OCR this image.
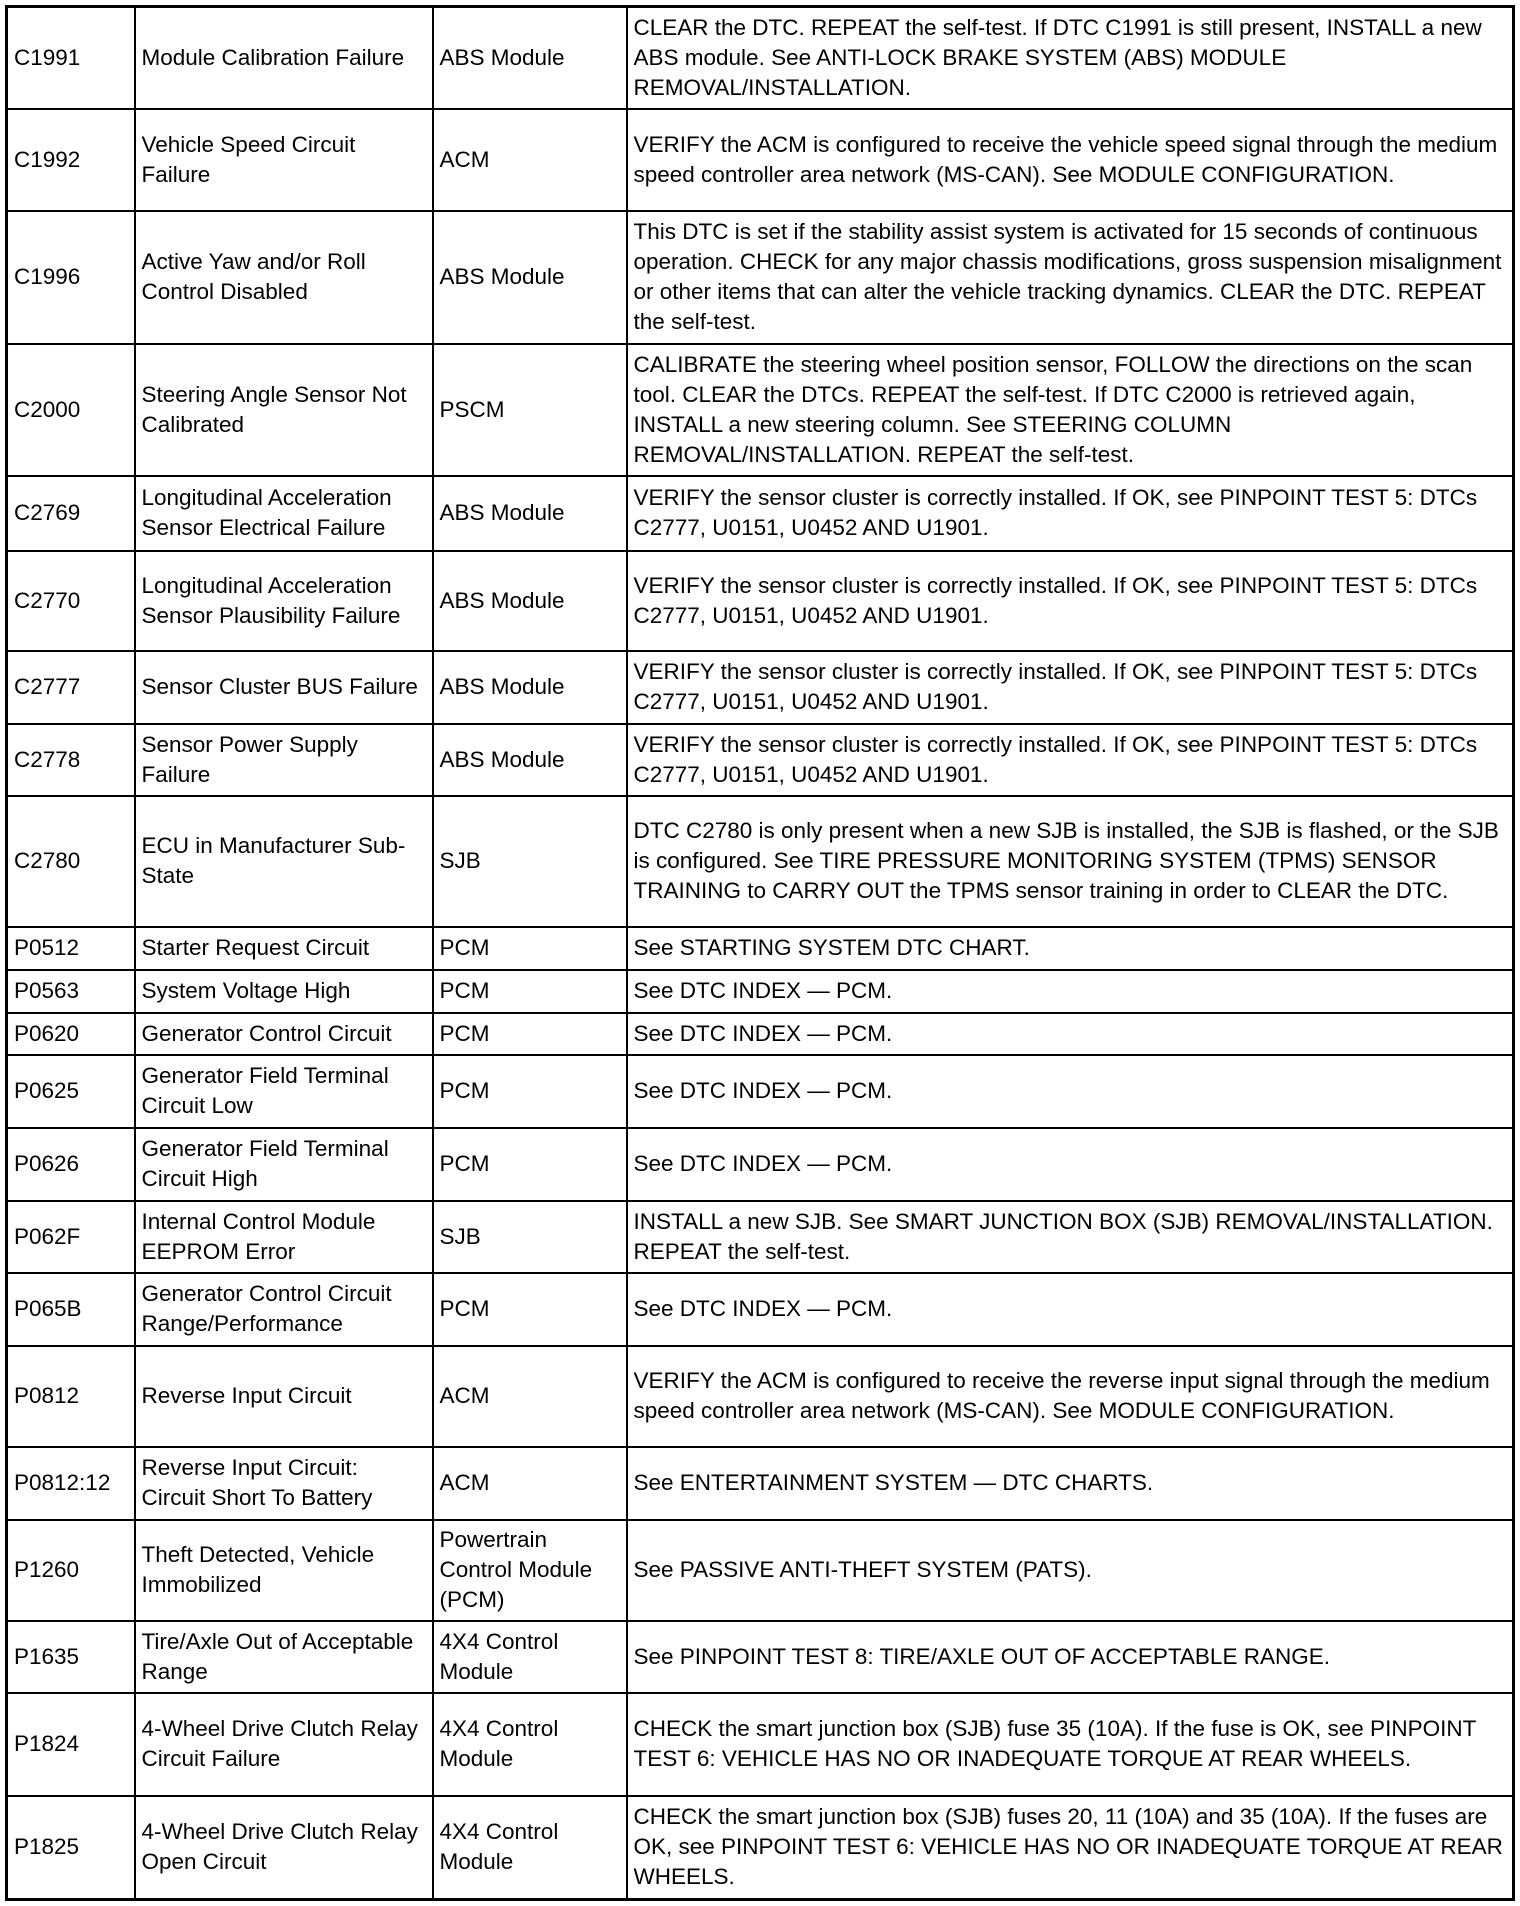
C1991	Module Calibration Failure	ABS Module	CLEAR the DTC. REPEAT the self-test. If DTC C1991 is still present, INSTALL a new ABS module. See ANTI-LOCK BRAKE SYSTEM (ABS) MODULE REMOVAL/INSTALLATION.
C1992	Vehicle Speed Circuit Failure	ACM	VERIFY the ACM is configured to receive the vehicle speed signal through the medium speed controller area network (MS-CAN). See MODULE CONFIGURATION.
C1996	Active Yaw and/or Roll Control Disabled	ABS Module	This DTC is set if the stability assist system is activated for 15 seconds of continuous operation. CHECK for any major chassis modifications, gross suspension misalignment or other items that can alter the vehicle tracking dynamics. CLEAR the DTC. REPEAT the self-test.
C2000	Steering Angle Sensor Not Calibrated	PSCM	CALIBRATE the steering wheel position sensor, FOLLOW the directions on the scan tool. CLEAR the DTCs. REPEAT the self-test. If DTC C2000 is retrieved again, INSTALL a new steering column. See STEERING COLUMN REMOVAL/INSTALLATION. REPEAT the self-test.
C2769	Longitudinal Acceleration Sensor Electrical Failure	ABS Module	VERIFY the sensor cluster is correctly installed. If OK, see PINPOINT TEST 5: DTCs C2777, U0151, U0452 AND U1901.
C2770	Longitudinal Acceleration Sensor Plausibility Failure	ABS Module	VERIFY the sensor cluster is correctly installed. If OK, see PINPOINT TEST 5: DTCs C2777, U0151, U0452 AND U1901.
C2777	Sensor Cluster BUS Failure	ABS Module	VERIFY the sensor cluster is correctly installed. If OK, see PINPOINT TEST 5: DTCs C2777, U0151, U0452 AND U1901.
C2778	Sensor Power Supply Failure	ABS Module	VERIFY the sensor cluster is correctly installed. If OK, see PINPOINT TEST 5: DTCs C2777, U0151, U0452 AND U1901.
C2780	ECU in Manufacturer Sub-State	SJB	DTC C2780 is only present when a new SJB is installed, the SJB is flashed, or the SJB is configured. See TIRE PRESSURE MONITORING SYSTEM (TPMS) SENSOR TRAINING to CARRY OUT the TPMS sensor training in order to CLEAR the DTC.
P0512	Starter Request Circuit	PCM	See STARTING SYSTEM DTC CHART.
P0563	System Voltage High	PCM	See DTC INDEX — PCM.
P0620	Generator Control Circuit	PCM	See DTC INDEX — PCM.
P0625	Generator Field Terminal Circuit Low	PCM	See DTC INDEX — PCM.
P0626	Generator Field Terminal Circuit High	PCM	See DTC INDEX — PCM.
P062F	Internal Control Module EEPROM Error	SJB	INSTALL a new SJB. See SMART JUNCTION BOX (SJB) REMOVAL/INSTALLATION. REPEAT the self-test.
P065B	Generator Control Circuit Range/Performance	PCM	See DTC INDEX — PCM.
P0812	Reverse Input Circuit	ACM	VERIFY the ACM is configured to receive the reverse input signal through the medium speed controller area network (MS-CAN). See MODULE CONFIGURATION.
P0812:12	Reverse Input Circuit: Circuit Short To Battery	ACM	See ENTERTAINMENT SYSTEM — DTC CHARTS.
P1260	Theft Detected, Vehicle Immobilized	Powertrain Control Module (PCM)	See PASSIVE ANTI-THEFT SYSTEM (PATS).
P1635	Tire/Axle Out of Acceptable Range	4X4 Control Module	See PINPOINT TEST 8: TIRE/AXLE OUT OF ACCEPTABLE RANGE.
P1824	4-Wheel Drive Clutch Relay Circuit Failure	4X4 Control Module	CHECK the smart junction box (SJB) fuse 35 (10A). If the fuse is OK, see PINPOINT TEST 6: VEHICLE HAS NO OR INADEQUATE TORQUE AT REAR WHEELS.
P1825	4-Wheel Drive Clutch Relay Open Circuit	4X4 Control Module	CHECK the smart junction box (SJB) fuses 20, 11 (10A) and 35 (10A). If the fuses are OK, see PINPOINT TEST 6: VEHICLE HAS NO OR INADEQUATE TORQUE AT REAR WHEELS.
